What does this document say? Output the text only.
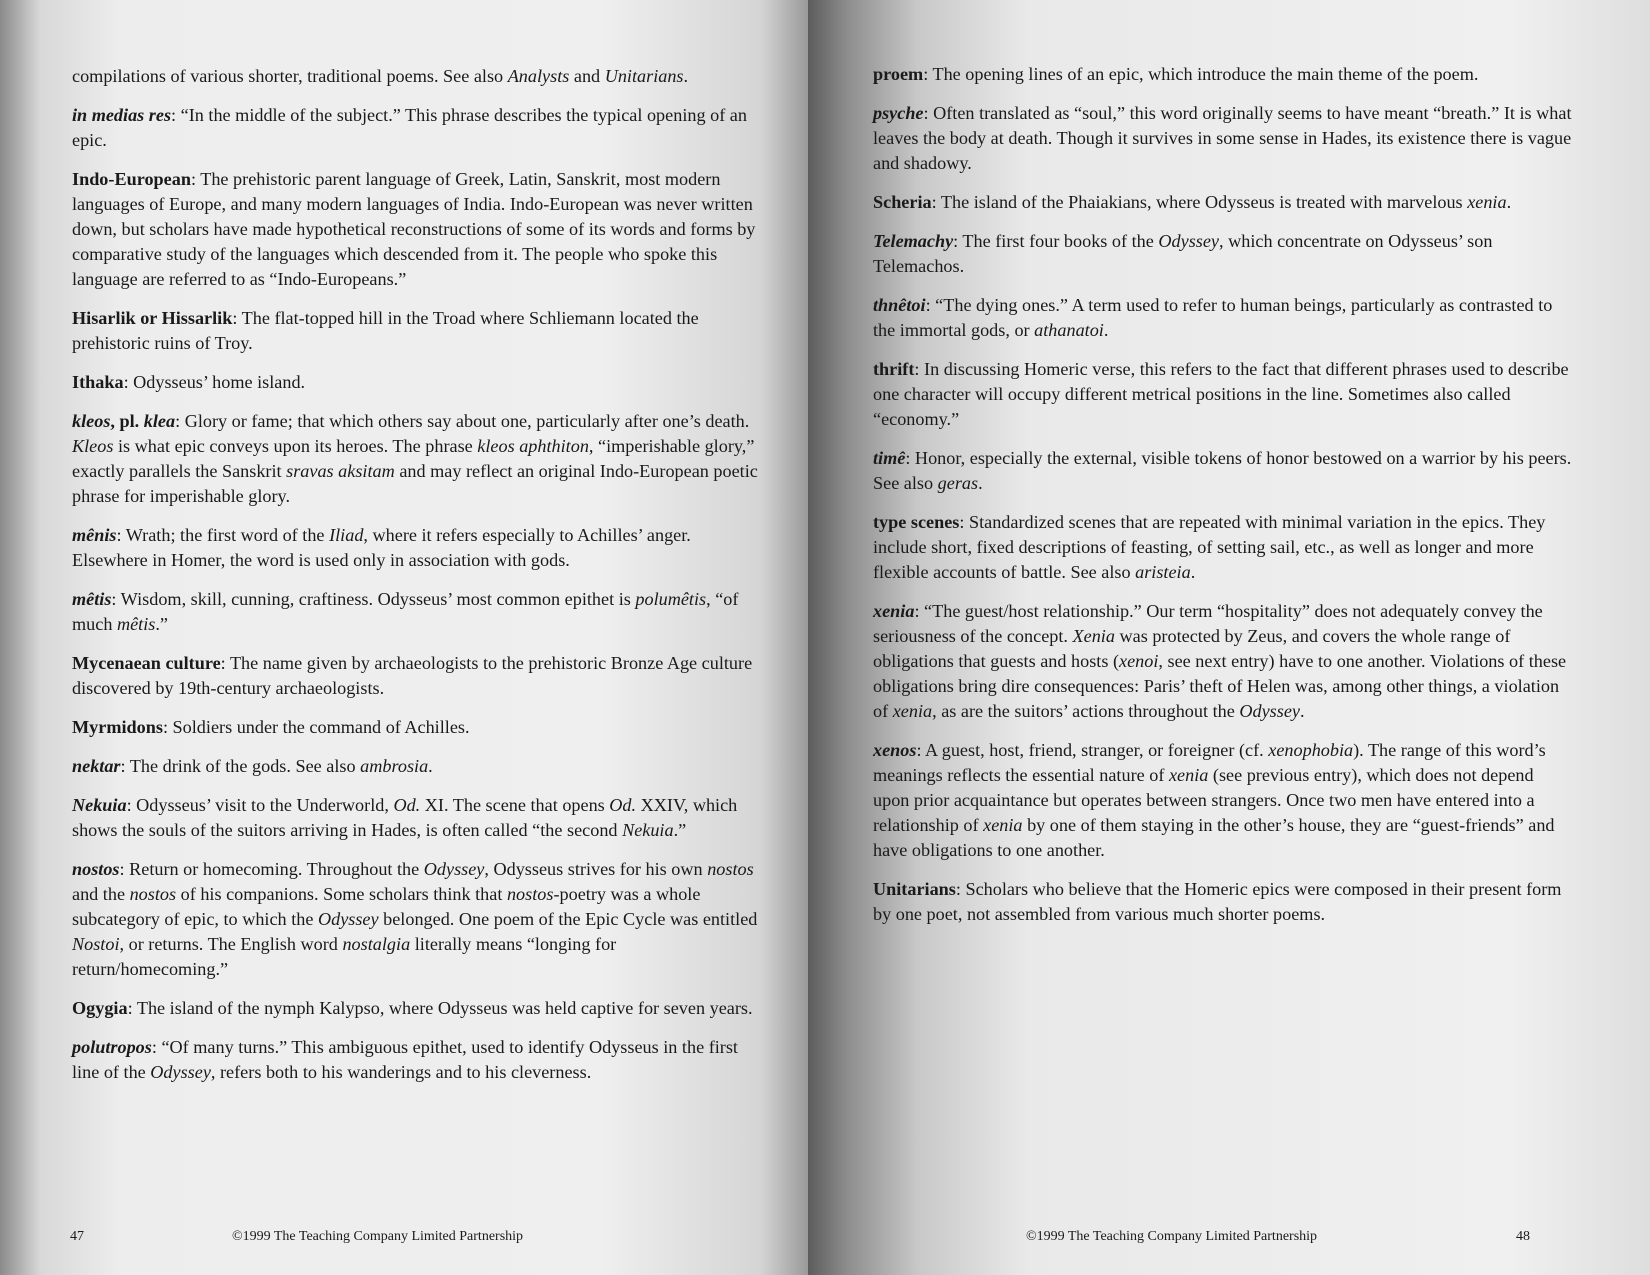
compilations of various shorter, traditional poems. See also Analysts and Unitarians.

in medias res: “In the middle of the subject.” This phrase describes the typical opening of an epic.

Indo-European: The prehistoric parent language of Greek, Latin, Sanskrit, most modern languages of Europe, and many modern languages of India. Indo-European was never written down, but scholars have made hypothetical reconstructions of some of its words and forms by comparative study of the languages which descended from it. The people who spoke this language are referred to as “Indo-Europeans.”

Hisarlik or Hissarlik: The flat-topped hill in the Troad where Schliemann located the prehistoric ruins of Troy.

Ithaka: Odysseus’ home island.

kleos, pl. klea: Glory or fame; that which others say about one, particularly after one’s death. Kleos is what epic conveys upon its heroes. The phrase kleos aphthiton, “imperishable glory,” exactly parallels the Sanskrit sravas aksitam and may reflect an original Indo-European poetic phrase for imperishable glory.

mênis: Wrath; the first word of the Iliad, where it refers especially to Achilles’ anger. Elsewhere in Homer, the word is used only in association with gods.

mêtis: Wisdom, skill, cunning, craftiness. Odysseus’ most common epithet is polumêtis, “of much mêtis.”

Mycenaean culture: The name given by archaeologists to the prehistoric Bronze Age culture discovered by 19th-century archaeologists.

Myrmidons: Soldiers under the command of Achilles.

nektar: The drink of the gods. See also ambrosia.

Nekuia: Odysseus’ visit to the Underworld, Od. XI. The scene that opens Od. XXIV, which shows the souls of the suitors arriving in Hades, is often called “the second Nekuia.”

nostos: Return or homecoming. Throughout the Odyssey, Odysseus strives for his own nostos and the nostos of his companions. Some scholars think that nostos-poetry was a whole subcategory of epic, to which the Odyssey belonged. One poem of the Epic Cycle was entitled Nostoi, or returns. The English word nostalgia literally means “longing for return/homecoming.”

Ogygia: The island of the nymph Kalypso, where Odysseus was held captive for seven years.

polutropos: “Of many turns.” This ambiguous epithet, used to identify Odysseus in the first line of the Odyssey, refers both to his wanderings and to his cleverness.

47	©1999 The Teaching Company Limited Partnership

proem: The opening lines of an epic, which introduce the main theme of the poem.

psyche: Often translated as “soul,” this word originally seems to have meant “breath.” It is what leaves the body at death. Though it survives in some sense in Hades, its existence there is vague and shadowy.

Scheria: The island of the Phaiakians, where Odysseus is treated with marvelous xenia.

Telemachy: The first four books of the Odyssey, which concentrate on Odysseus’ son Telemachos.

thnêtoi: “The dying ones.” A term used to refer to human beings, particularly as contrasted to the immortal gods, or athanatoi.

thrift: In discussing Homeric verse, this refers to the fact that different phrases used to describe one character will occupy different metrical positions in the line. Sometimes also called “economy.”

timê: Honor, especially the external, visible tokens of honor bestowed on a warrior by his peers. See also geras.

type scenes: Standardized scenes that are repeated with minimal variation in the epics. They include short, fixed descriptions of feasting, of setting sail, etc., as well as longer and more flexible accounts of battle. See also aristeia.

xenia: “The guest/host relationship.” Our term “hospitality” does not adequately convey the seriousness of the concept. Xenia was protected by Zeus, and covers the whole range of obligations that guests and hosts (xenoi, see next entry) have to one another. Violations of these obligations bring dire consequences: Paris’ theft of Helen was, among other things, a violation of xenia, as are the suitors’ actions throughout the Odyssey.

xenos: A guest, host, friend, stranger, or foreigner (cf. xenophobia). The range of this word’s meanings reflects the essential nature of xenia (see previous entry), which does not depend upon prior acquaintance but operates between strangers. Once two men have entered into a relationship of xenia by one of them staying in the other’s house, they are “guest-friends” and have obligations to one another.

Unitarians: Scholars who believe that the Homeric epics were composed in their present form by one poet, not assembled from various much shorter poems.

©1999 The Teaching Company Limited Partnership	48
